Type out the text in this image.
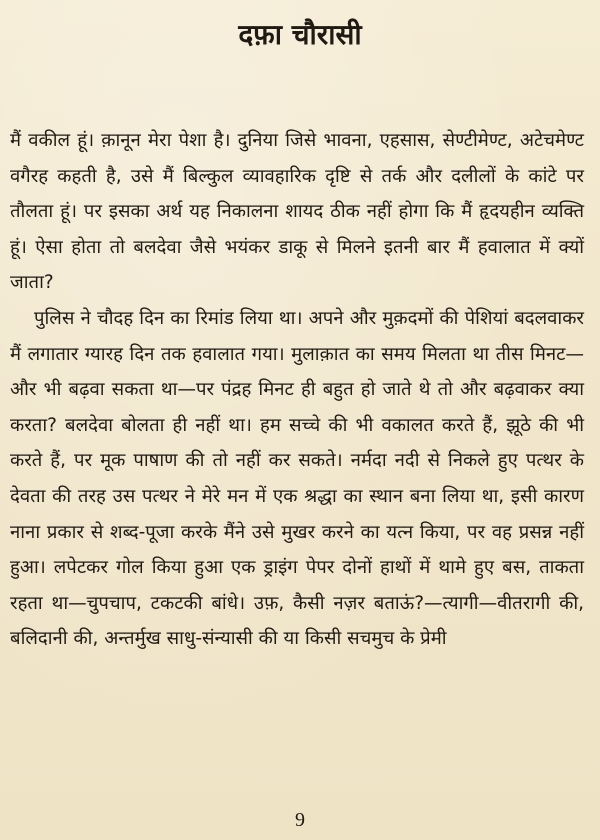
दफ़ा चौरासी

मैं वकील हूं। क़ानून मेरा पेशा है। दुनिया जिसे भावना, एहसास, सेण्टीमेण्ट, अटेचमेण्ट वगैरह कहती है, उसे मैं बिल्कुल व्यावहारिक दृष्टि से तर्क और दलीलों के कांटे पर तौलता हूं। पर इसका अर्थ यह निकालना शायद ठीक नहीं होगा कि मैं हृदयहीन व्यक्ति हूं। ऐसा होता तो बलदेवा जैसे भयंकर डाकू से मिलने इतनी बार मैं हवालात में क्यों जाता?

पुलिस ने चौदह दिन का रिमांड लिया था। अपने और मुक़दमों की पेशियां बदलवाकर मैं लगातार ग्यारह दिन तक हवालात गया। मुलाक़ात का समय मिलता था तीस मिनट—और भी बढ़वा सकता था—पर पंद्रह मिनट ही बहुत हो जाते थे तो और बढ़वाकर क्या करता? बलदेवा बोलता ही नहीं था। हम सच्चे की भी वकालत करते हैं, झूठे की भी करते हैं, पर मूक पाषाण की तो नहीं कर सकते। नर्मदा नदी से निकले हुए पत्थर के देवता की तरह उस पत्थर ने मेरे मन में एक श्रद्धा का स्थान बना लिया था, इसी कारण नाना प्रकार से शब्द-पूजा करके मैंने उसे मुखर करने का यत्न किया, पर वह प्रसन्न नहीं हुआ। लपेटकर गोल किया हुआ एक ड्राइंग पेपर दोनों हाथों में थामे हुए बस, ताकता रहता था—चुपचाप, टकटकी बांधे। उफ़, कैसी नज़र बताऊं?—त्यागी—वीतरागी की, बलिदानी की, अन्तर्मुख साधु-संन्यासी की या किसी सचमुच के प्रेमी

9
